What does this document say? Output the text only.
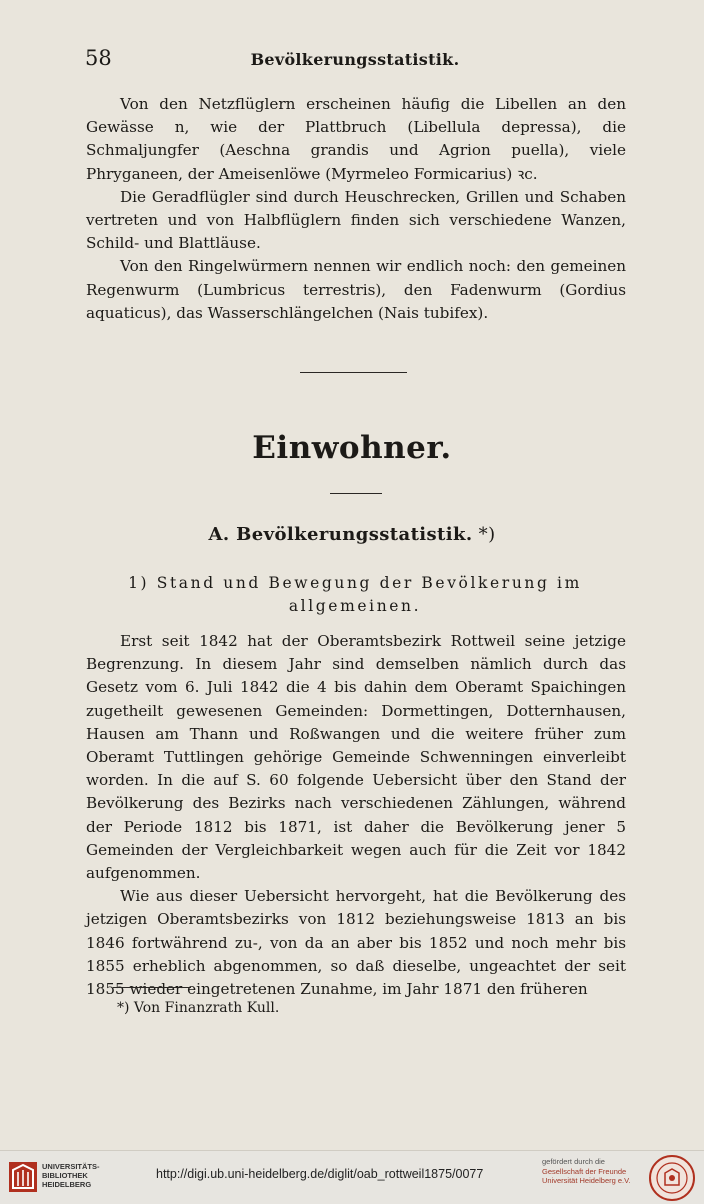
58	Bevölkerungsstatistik.

Von den Netzflüglern erscheinen häufig die Libellen an den Gewässe n, wie der Plattbruch (Libellula depressa), die Schmaljungfer (Aeschna grandis und Agrion puella), viele Phryganeen, der Ameisenlöwe (Myrmeleo Formicarius) ꝛc.

Die Geradflügler sind durch Heuschrecken, Grillen und Schaben vertreten und von Halbflüglern finden sich verschiedene Wanzen, Schild- und Blattläuse.

Von den Ringelwürmern nennen wir endlich noch: den gemeinen Regenwurm (Lumbricus terrestris), den Fadenwurm (Gordius aquaticus), das Wasserschlängelchen (Nais tubifex).

Einwohner.
A. Bevölkerungsstatistik. *)
1) Stand und Bewegung der Bevölkerung im allgemeinen.

Erst seit 1842 hat der Oberamtsbezirk Rottweil seine jetzige Begrenzung. In diesem Jahr sind demselben nämlich durch das Gesetz vom 6. Juli 1842 die 4 bis dahin dem Oberamt Spaichingen zugetheilt gewesenen Gemeinden: Dormettingen, Dotternhausen, Hausen am Thann und Roßwangen und die weitere früher zum Oberamt Tuttlingen gehörige Gemeinde Schwenningen einverleibt worden. In die auf S. 60 folgende Uebersicht über den Stand der Bevölkerung des Bezirks nach verschiedenen Zählungen, während der Periode 1812 bis 1871, ist daher die Bevölkerung jener 5 Gemeinden der Vergleichbarkeit wegen auch für die Zeit vor 1842 aufgenommen.

Wie aus dieser Uebersicht hervorgeht, hat die Bevölkerung des jetzigen Oberamtsbezirks von 1812 beziehungsweise 1813 an bis 1846 fortwährend zu-, von da an aber bis 1852 und noch mehr bis 1855 erheblich abgenommen, so daß dieselbe, ungeachtet der seit 1855 wieder eingetretenen Zunahme, im Jahr 1871 den früheren

*) Von Finanzrath Kull.
UNIVERSITÄTS-
BIBLIOTHEK
HEIDELBERG
http://digi.ub.uni-heidelberg.de/diglit/oab_rottweil1875/0077
gefördert durch die
Gesellschaft der Freunde
Universität Heidelberg e.V.
